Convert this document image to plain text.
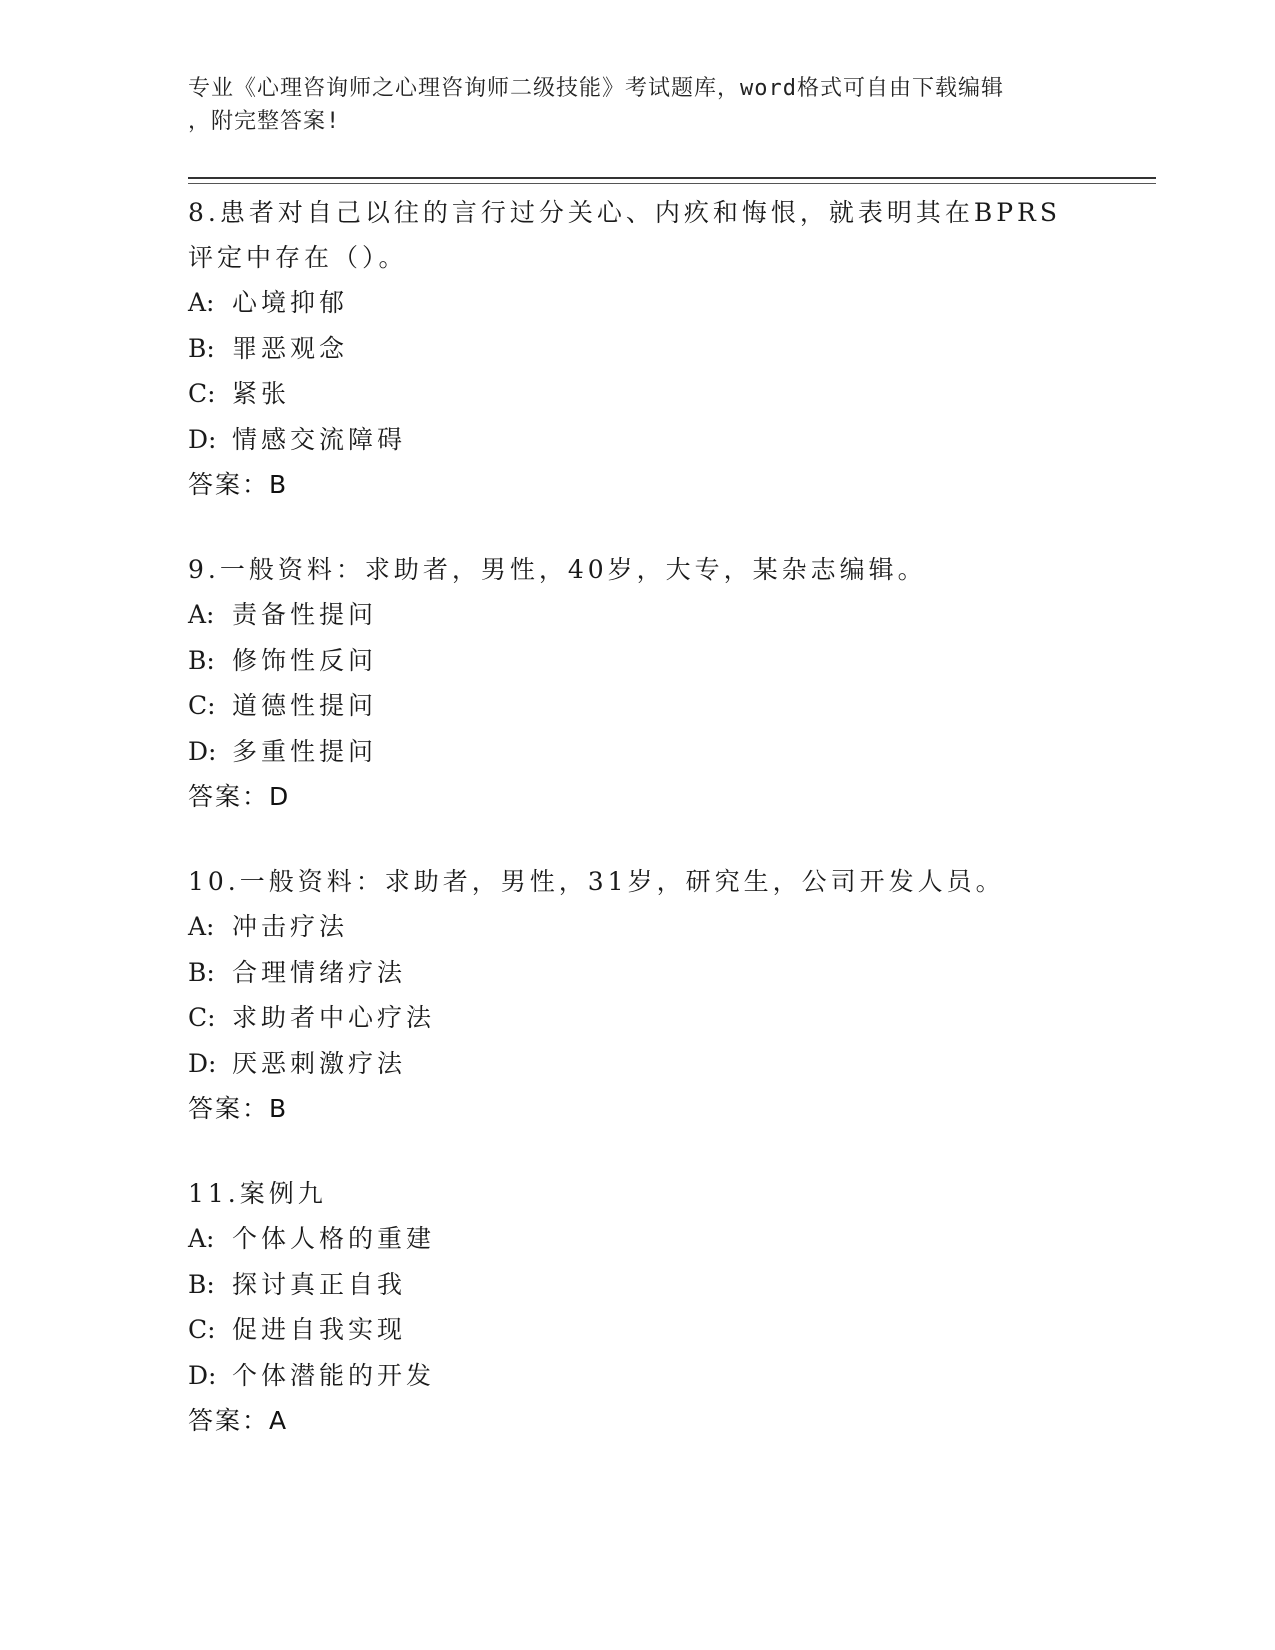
专业《心理咨询师之心理咨询师二级技能》考试题库，word格式可自由下载编辑
，附完整答案!

8.患者对自己以往的言行过分关心、内疚和悔恨，就表明其在BPRS评定中存在（）。

A: 心境抑郁

B: 罪恶观念

C: 紧张

D: 情感交流障碍

答案：B

9.一般资料：求助者，男性，40岁，大专，某杂志编辑。

A: 责备性提问

B: 修饰性反问

C: 道德性提问

D: 多重性提问

答案：D

10.一般资料：求助者，男性，31岁，研究生，公司开发人员。

A: 冲击疗法

B: 合理情绪疗法

C: 求助者中心疗法

D: 厌恶刺激疗法

答案：B

11.案例九

A: 个体人格的重建

B: 探讨真正自我

C: 促进自我实现

D: 个体潜能的开发

答案：A
